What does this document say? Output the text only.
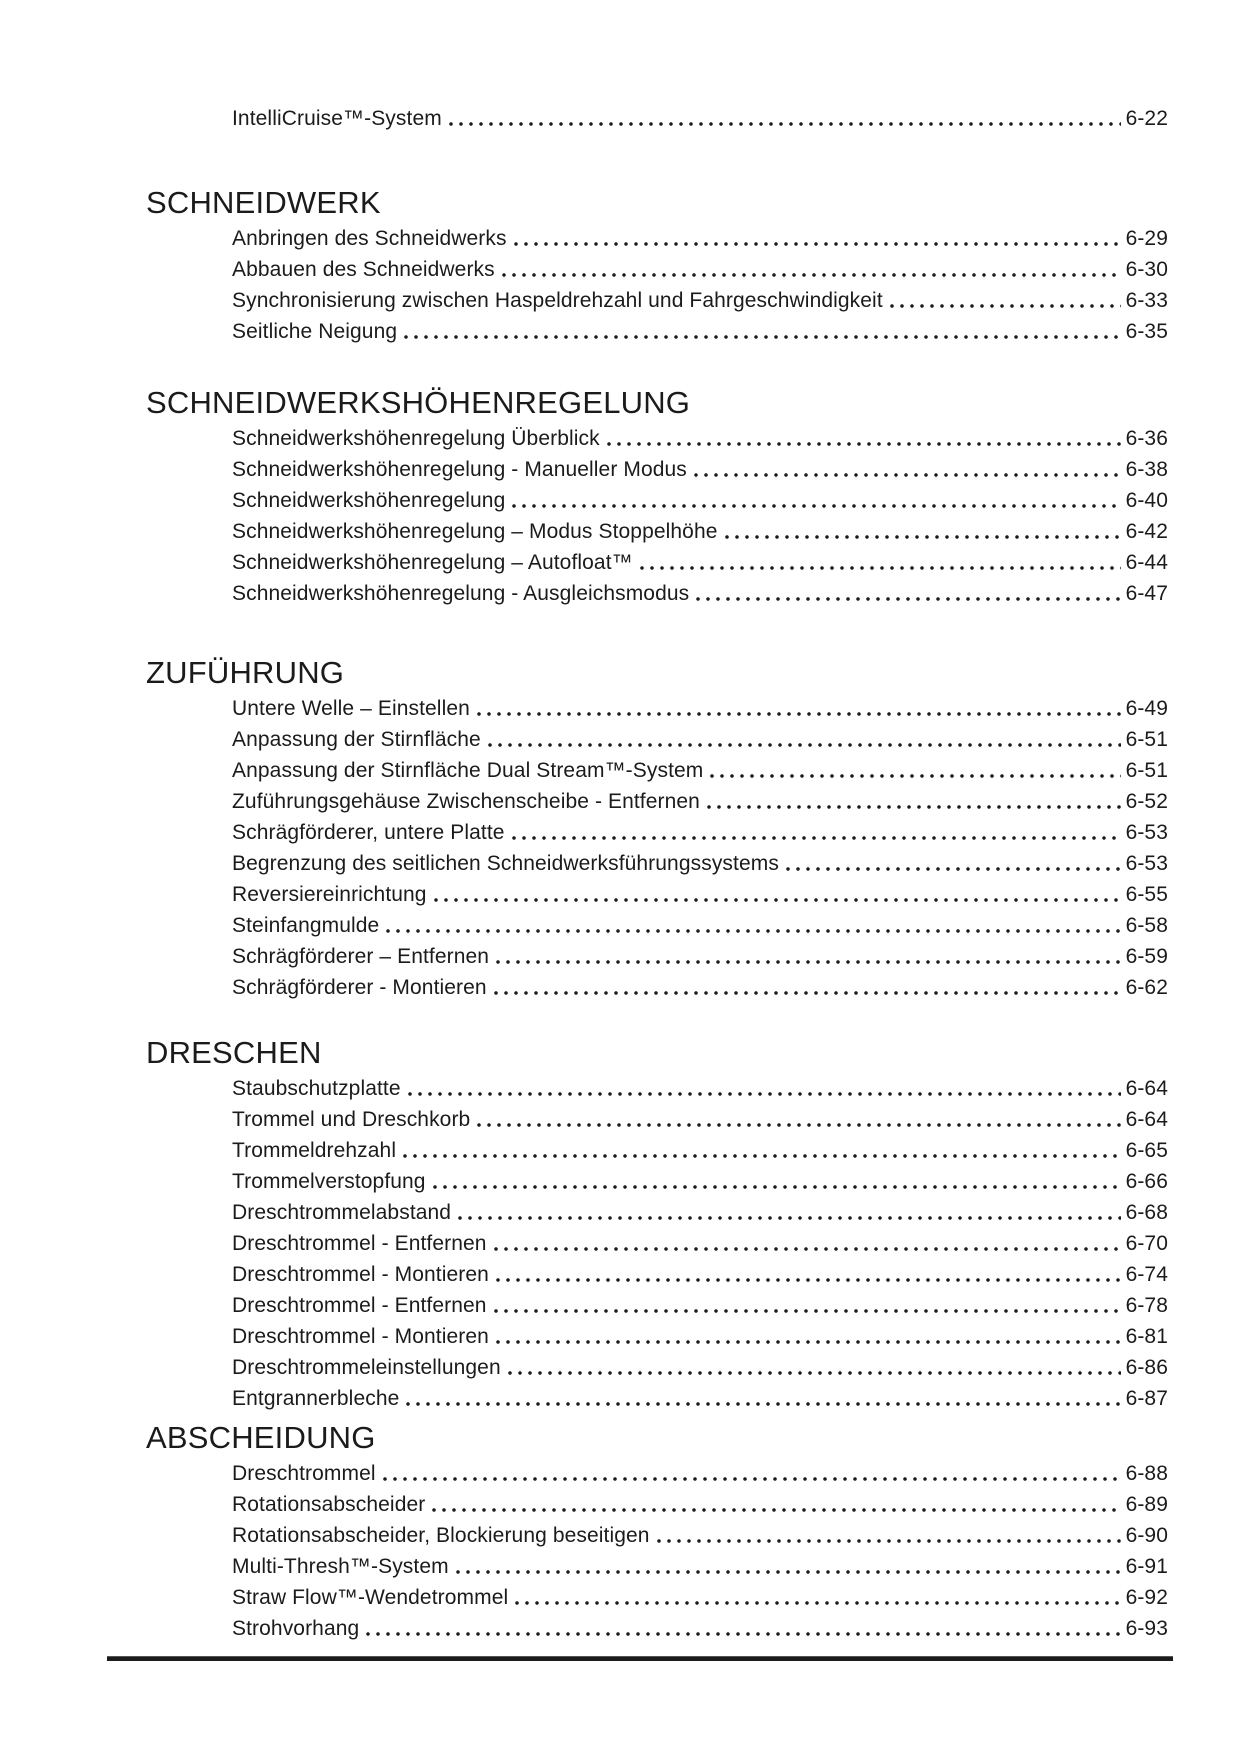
IntelliCruise™-System	6-22
SCHNEIDWERK
Anbringen des Schneidwerks	6-29
Abbauen des Schneidwerks	6-30
Synchronisierung zwischen Haspeldrehzahl und Fahrgeschwindigkeit	6-33
Seitliche Neigung	6-35
SCHNEIDWERKSHÖHENREGELUNG
Schneidwerkshöhenregelung Überblick	6-36
Schneidwerkshöhenregelung - Manueller Modus	6-38
Schneidwerkshöhenregelung	6-40
Schneidwerkshöhenregelung – Modus Stoppelhöhe	6-42
Schneidwerkshöhenregelung – Autofloat™	6-44
Schneidwerkshöhenregelung - Ausgleichsmodus	6-47
ZUFÜHRUNG
Untere Welle – Einstellen	6-49
Anpassung der Stirnfläche	6-51
Anpassung der Stirnfläche Dual Stream™-System	6-51
Zuführungsgehäuse Zwischenscheibe - Entfernen	6-52
Schrägförderer, untere Platte	6-53
Begrenzung des seitlichen Schneidwerksführungssystems	6-53
Reversiereinrichtung	6-55
Steinfangmulde	6-58
Schrägförderer – Entfernen	6-59
Schrägförderer - Montieren	6-62
DRESCHEN
Staubschutzplatte	6-64
Trommel und Dreschkorb	6-64
Trommeldrehzahl	6-65
Trommelverstopfung	6-66
Dreschtrommelabstand	6-68
Dreschtrommel - Entfernen	6-70
Dreschtrommel - Montieren	6-74
Dreschtrommel - Entfernen	6-78
Dreschtrommel - Montieren	6-81
Dreschtrommeleinstellungen	6-86
Entgrannerbleche	6-87
ABSCHEIDUNG
Dreschtrommel	6-88
Rotationsabscheider	6-89
Rotationsabscheider, Blockierung beseitigen	6-90
Multi-Thresh™-System	6-91
Straw Flow™-Wendetrommel	6-92
Strohvorhang	6-93
